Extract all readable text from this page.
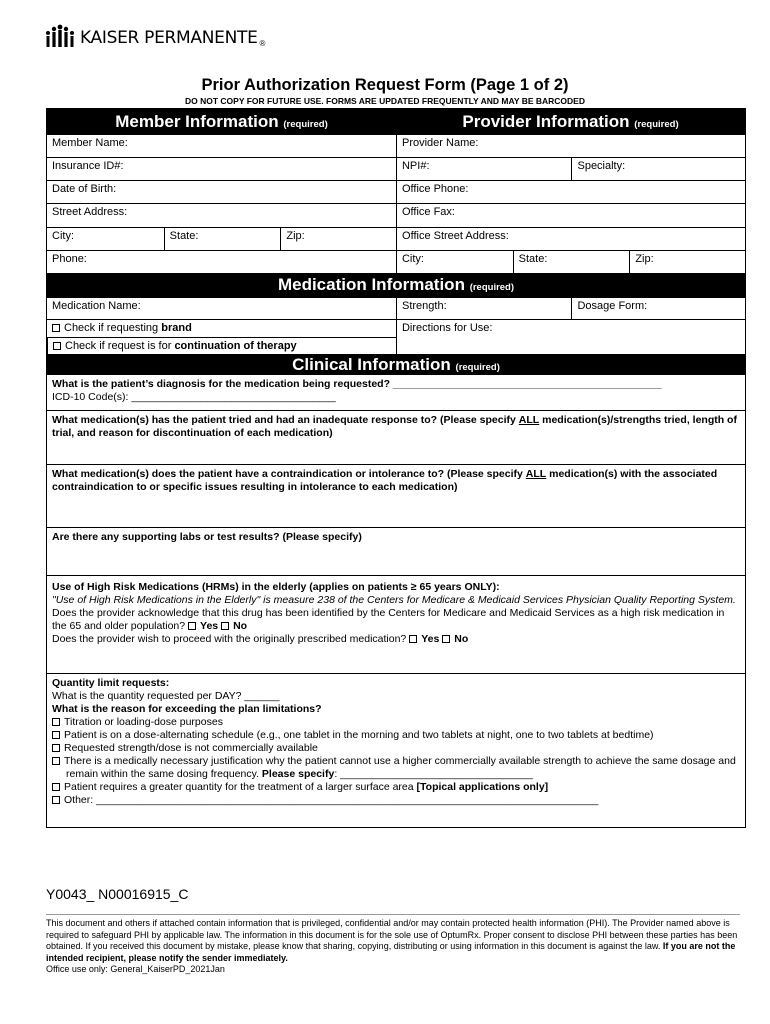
KAISER PERMANENTE ®
Prior Authorization Request Form (Page 1 of 2)
DO NOT COPY FOR FUTURE USE. FORMS ARE UPDATED FREQUENTLY AND MAY BE BARCODED
Member Information (required)	Provider Information (required)
Member Name:	Provider Name:
Insurance ID#:	NPI#:	Specialty:
Date of Birth:	Office Phone:
Street Address:	Office Fax:
City:	State:	Zip:	Office Street Address:
Phone:	City:	State:	Zip:
Medication Information (required)
Medication Name:	Strength:	Dosage Form:
Check if requesting brand
Check if request is for continuation of therapy
Directions for Use:
Clinical Information (required)
What is the patient’s diagnosis for the medication being requested? ______________________________________________
ICD-10 Code(s): ___________________________________
What medication(s) has the patient tried and had an inadequate response to? (Please specify ALL medication(s)/strengths tried, length of trial, and reason for discontinuation of each medication)
What medication(s) does the patient have a contraindication or intolerance to? (Please specify ALL medication(s) with the associated contraindication to or specific issues resulting in intolerance to each medication)
Are there any supporting labs or test results? (Please specify)
Use of High Risk Medications (HRMs) in the elderly (applies on patients ≥ 65 years ONLY):
"Use of High Risk Medications in the Elderly" is measure 238 of the Centers for Medicare & Medicaid Services Physician Quality Reporting System.
Does the provider acknowledge that this drug has been identified by the Centers for Medicare and Medicaid Services as a high risk medication in the 65 and older population? Yes No
Does the provider wish to proceed with the originally prescribed medication? Yes No
Quantity limit requests:
What is the quantity requested per DAY? ______
What is the reason for exceeding the plan limitations?
Titration or loading-dose purposes
Patient is on a dose-alternating schedule (e.g., one tablet in the morning and two tablets at night, one to two tablets at bedtime)
Requested strength/dose is not commercially available
There is a medically necessary justification why the patient cannot use a higher commercially available strength to achieve the same dosage and remain within the same dosing frequency. Please specify: _________________________________
Patient requires a greater quantity for the treatment of a larger surface area [Topical applications only]
Other: ______________________________________________________________________________________
Y0043_ N00016915_C
This document and others if attached contain information that is privileged, confidential and/or may contain protected health information (PHI). The Provider named above is required to safeguard PHI by applicable law. The information in this document is for the sole use of OptumRx. Proper consent to disclose PHI between these parties has been obtained. If you received this document by mistake, please know that sharing, copying, distributing or using information in this document is against the law. If you are not the intended recipient, please notify the sender immediately.
Office use only: General_KaiserPD_2021Jan
